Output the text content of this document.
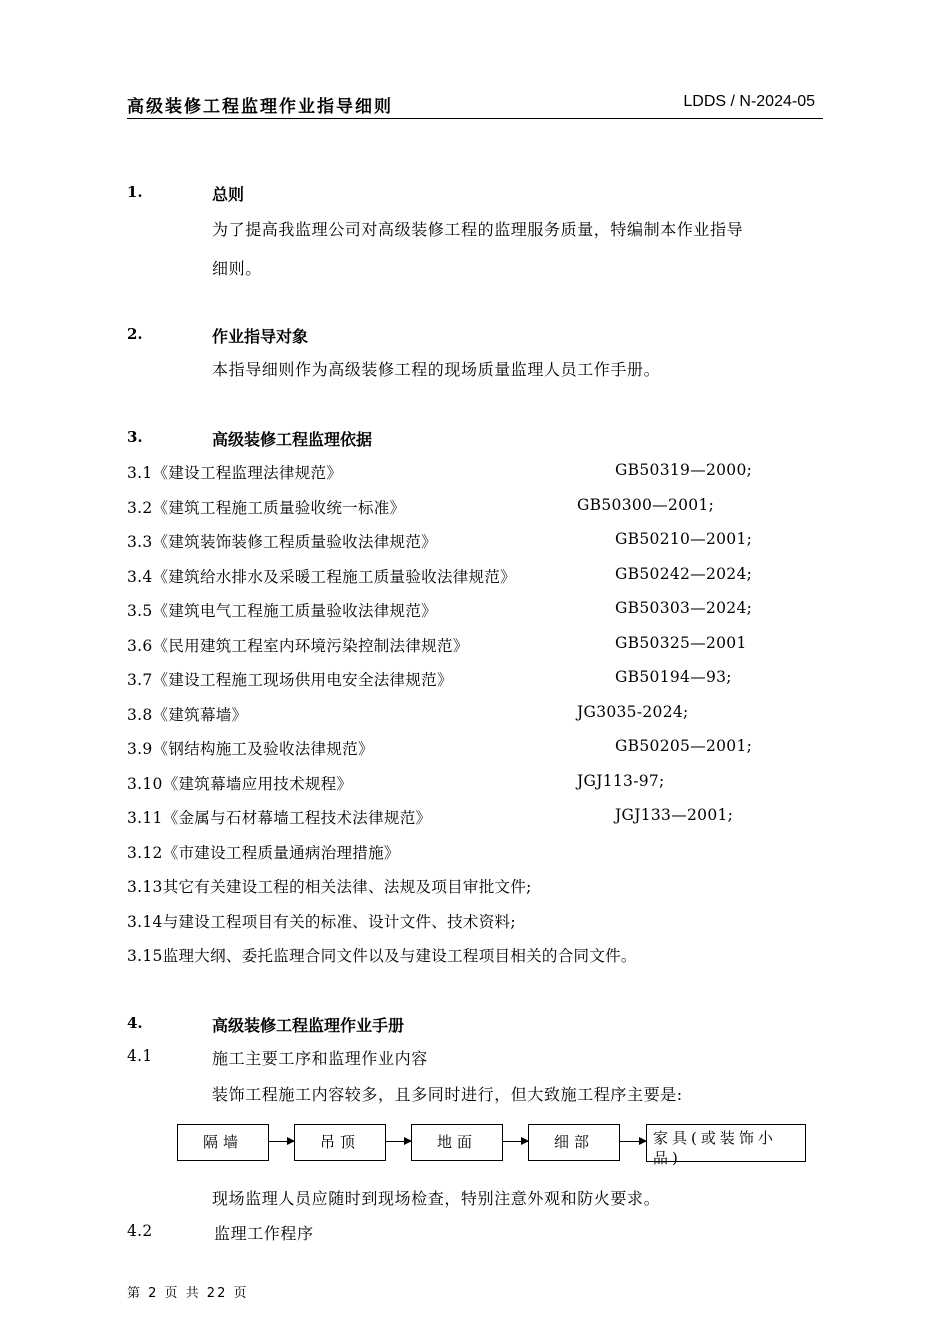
高级装修工程监理作业指导细则	LDDS / N-2024-05
1.	总则
为了提高我监理公司对高级装修工程的监理服务质量，特编制本作业指导
细则。
2.	作业指导对象
本指导细则作为高级装修工程的现场质量监理人员工作手册。
3.	高级装修工程监理依据
3.1《建设工程监理法律规范》	GB50319—2000;
3.2《建筑工程施工质量验收统一标准》	GB50300—2001;
3.3《建筑装饰装修工程质量验收法律规范》	GB50210—2001;
3.4《建筑给水排水及采暖工程施工质量验收法律规范》	GB50242—2024;
3.5《建筑电气工程施工质量验收法律规范》	GB50303—2024;
3.6《民用建筑工程室内环境污染控制法律规范》	GB50325—2001
3.7《建设工程施工现场供用电安全法律规范》	GB50194—93;
3.8《建筑幕墙》	JG3035-2024;
3.9《钢结构施工及验收法律规范》	GB50205—2001;
3.10《建筑幕墙应用技术规程》	JGJ113-97;
3.11《金属与石材幕墙工程技术法律规范》	JGJ133—2001;
3.12《市建设工程质量通病治理措施》
3.13其它有关建设工程的相关法律、法规及项目审批文件;
3.14与建设工程项目有关的标准、设计文件、技术资料;
3.15监理大纲、委托监理合同文件以及与建设工程项目相关的合同文件。
4.	高级装修工程监理作业手册
4.1	施工主要工序和监理作业内容
装饰工程施工内容较多，且多同时进行，但大致施工程序主要是:
隔墙	吊顶	地面	细部	家具(或装饰小品)
现场监理人员应随时到现场检查，特别注意外观和防火要求。
4.2	监理工作程序
第 2 页 共 22 页
